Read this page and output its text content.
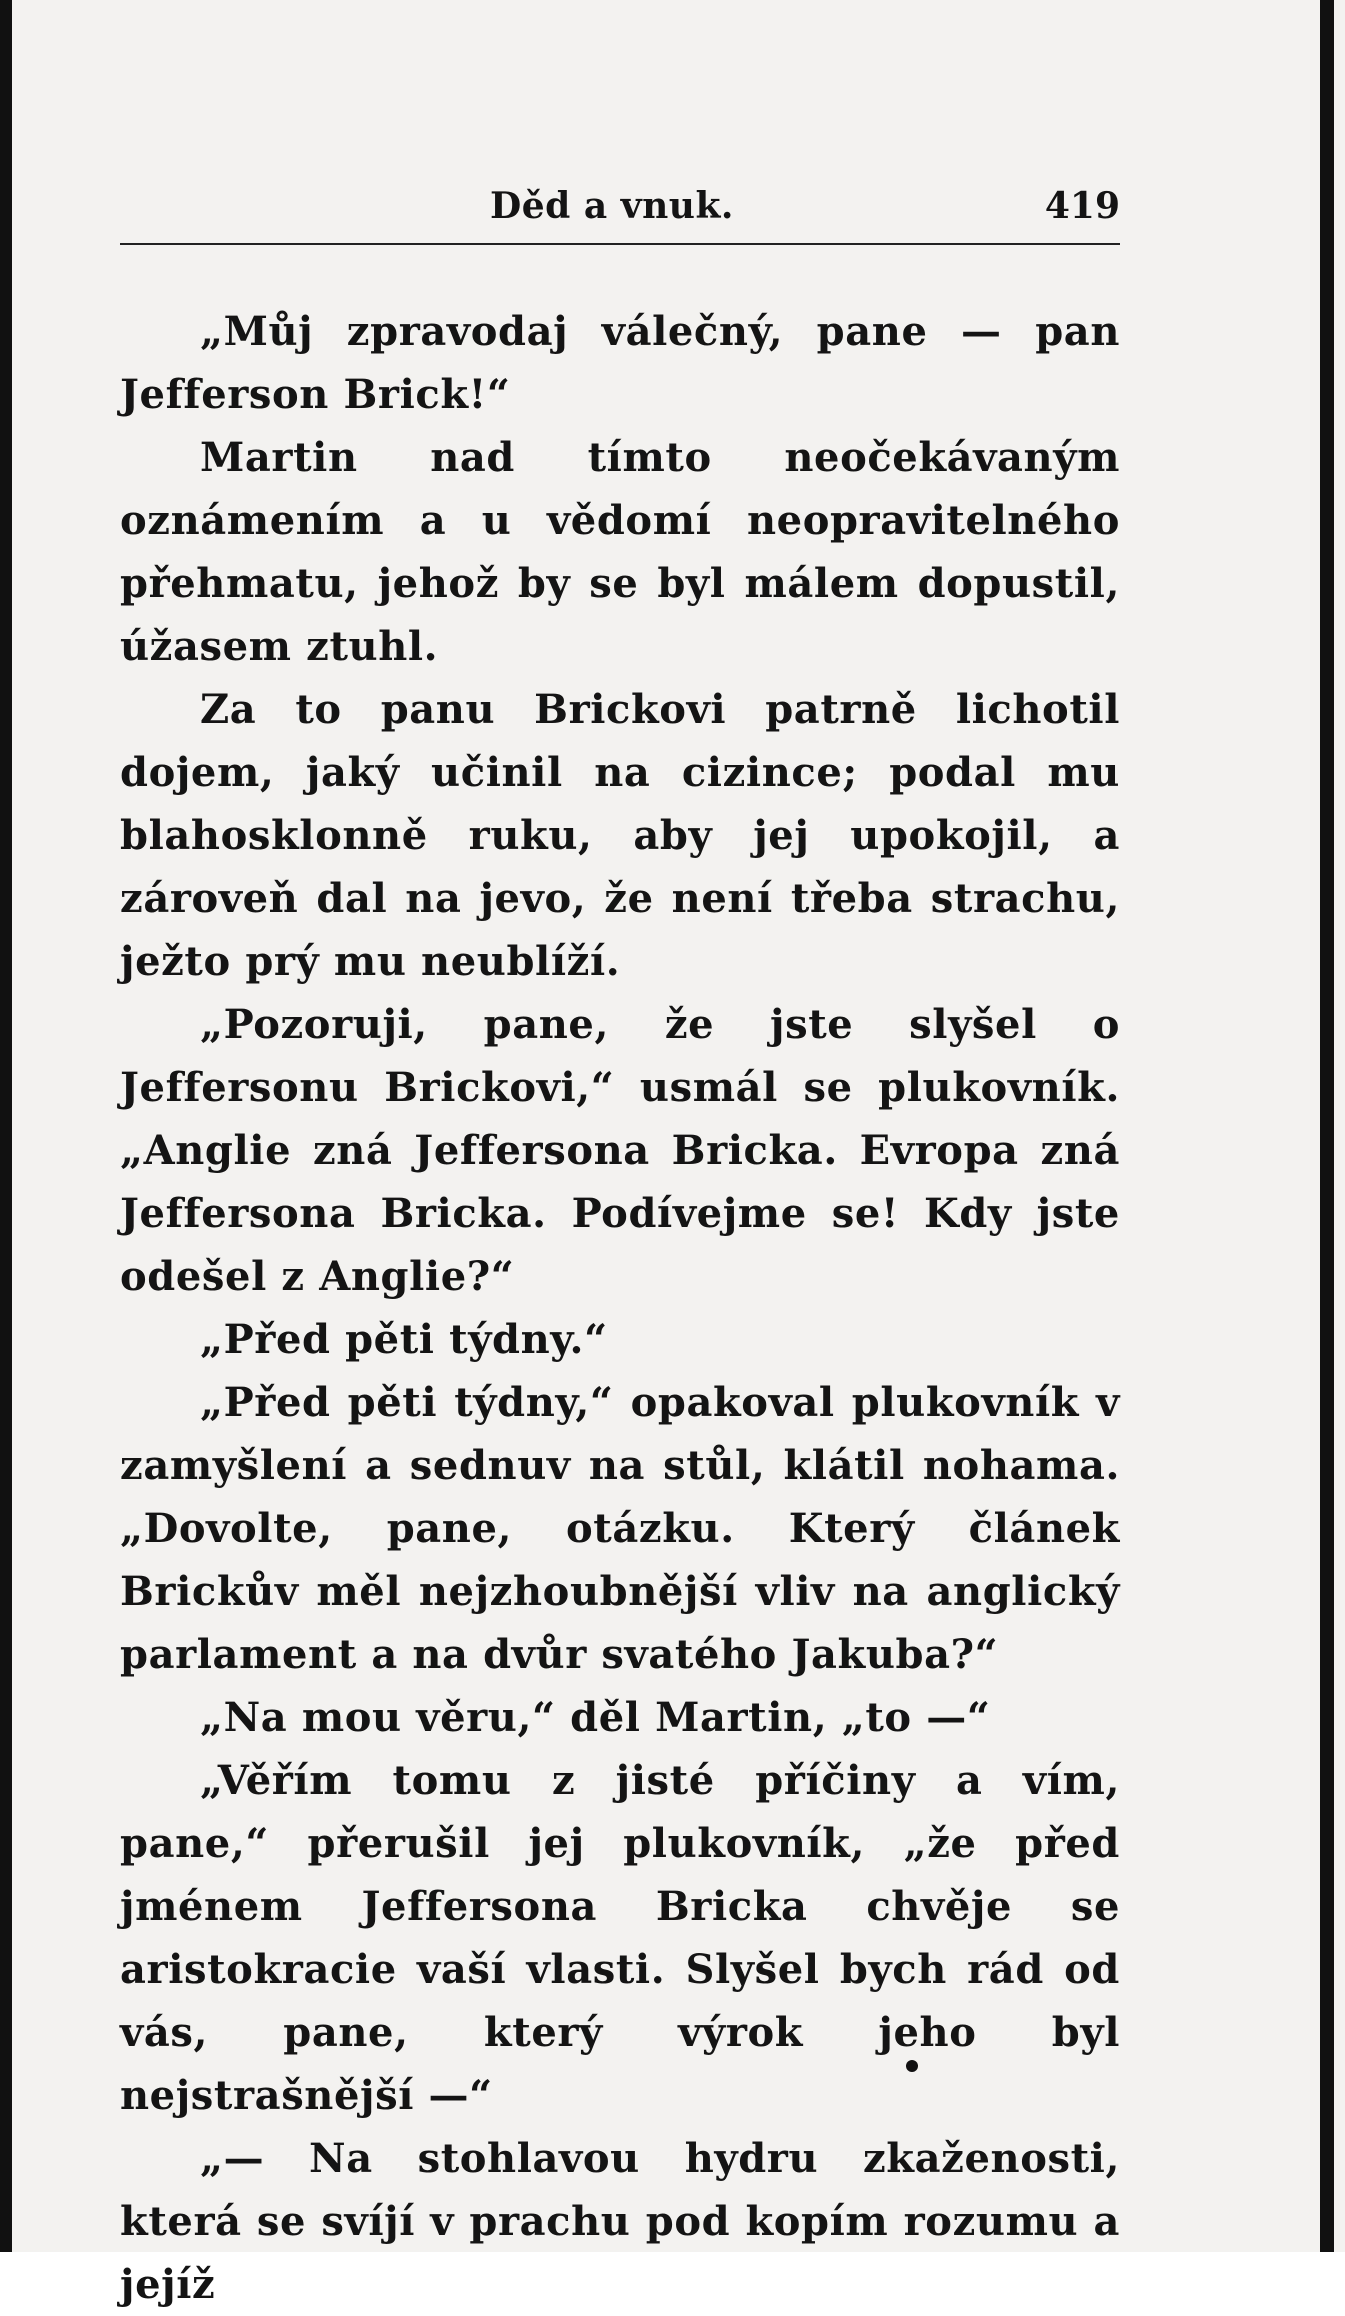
Děd a vnuk.	419

„Můj zpravodaj válečný, pane — pan Jefferson Brick!“

Martin nad tímto neočekávaným oznámením a u vědomí neopravitelného přehmatu, jehož by se byl málem dopustil, úžasem ztuhl.

Za to panu Brickovi patrně lichotil dojem, jaký učinil na cizince; podal mu blahosklonně ruku, aby jej upokojil, a zároveň dal na jevo, že není třeba strachu, ježto prý mu neublíží.

„Pozoruji, pane, že jste slyšel o Jeffersonu Brickovi,“ usmál se plukovník. „Anglie zná Jeffersona Bricka. Evropa zná Jeffersona Bricka. Podívejme se! Kdy jste odešel z Anglie?“

„Před pěti týdny.“

„Před pěti týdny,“ opakoval plukovník v zamyšlení a sednuv na stůl, klátil nohama. „Dovolte, pane, otázku. Který článek Brickův měl nejzhoubnější vliv na anglický parlament a na dvůr svatého Jakuba?“

„Na mou věru,“ děl Martin, „to —“

„Věřím tomu z jisté příčiny a vím, pane,“ přerušil jej plukovník, „že před jménem Jeffersona Bricka chvěje se aristokracie vaší vlasti. Slyšel bych rád od vás, pane, který výrok jeho byl nejstrašnější —“

„— Na stohlavou hydru zkaženosti, která se svíjí v prachu pod kopím rozumu a jejíž
